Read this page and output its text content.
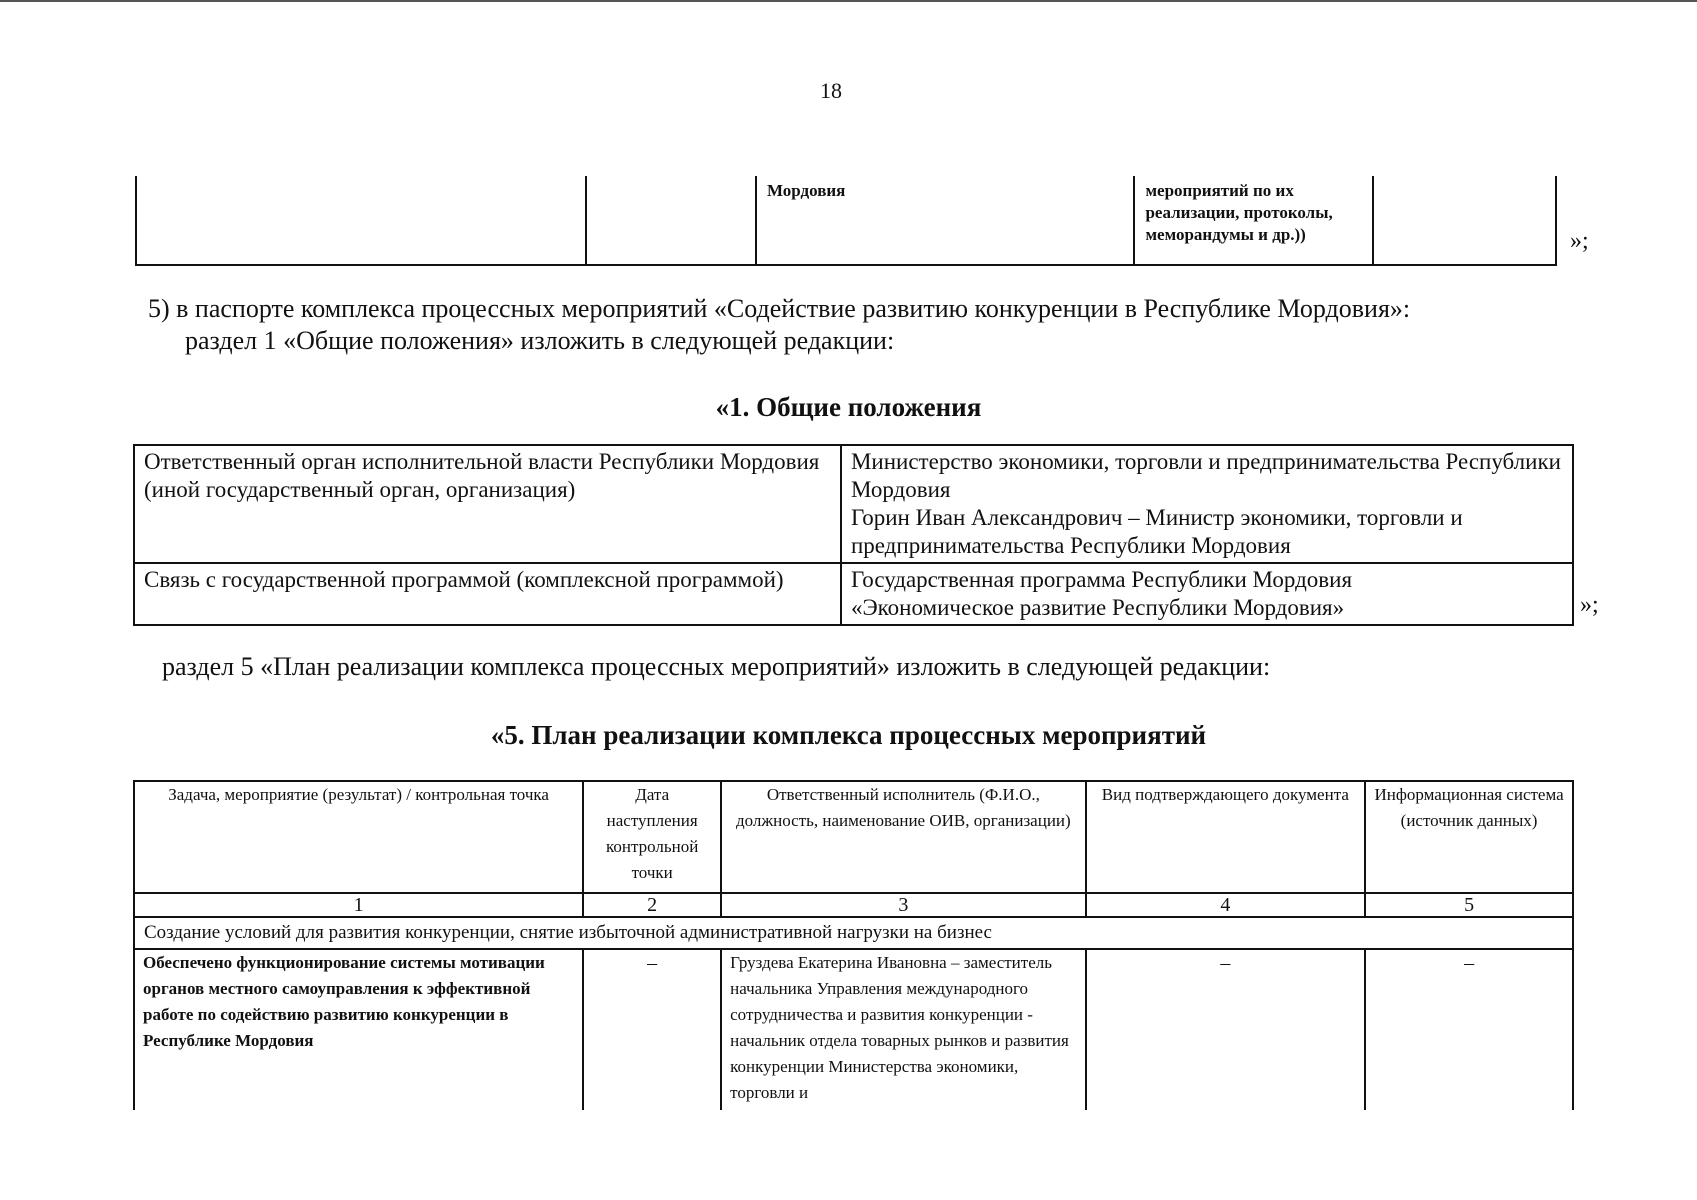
18
		Мордовия	мероприятий по их реализации, протоколы, меморандумы и др.))		»;
5) в паспорте комплекса процессных мероприятий «Содействие развитию конкуренции в Республике Мордовия»:
раздел 1 «Общие положения» изложить в следующей редакции:
«1. Общие положения
Ответственный орган исполнительной власти Республики Мордовия (иной государственный орган, организация)	Министерство экономики, торговли и предпринимательства Республики Мордовия
Горин Иван Александрович – Министр экономики, торговли и предпринимательства Республики Мордовия

Связь с государственной программой (комплексной программой)	Государственная программа Республики Мордовия
«Экономическое развитие Республики Мордовия»	»;
раздел 5 «План реализации комплекса процессных мероприятий» изложить в следующей редакции:
«5. План реализации комплекса процессных мероприятий
Задача, мероприятие (результат) / контрольная точка	Дата наступления контрольной точки	Ответственный исполнитель (Ф.И.О., должность, наименование ОИВ, организации)	Вид подтверждающего документа	Информационная система (источник данных)
1	2	3	4	5
Создание условий для развития конкуренции, снятие избыточной административной нагрузки на бизнес				
Обеспечено функционирование системы мотивации органов местного самоуправления к эффективной работе по содействию развитию конкуренции в Республике Мордовия	–	Груздева Екатерина Ивановна – заместитель начальника Управления международного сотрудничества и развития конкуренции - начальник отдела товарных рынков и развития конкуренции Министерства экономики, торговли и	–	–
